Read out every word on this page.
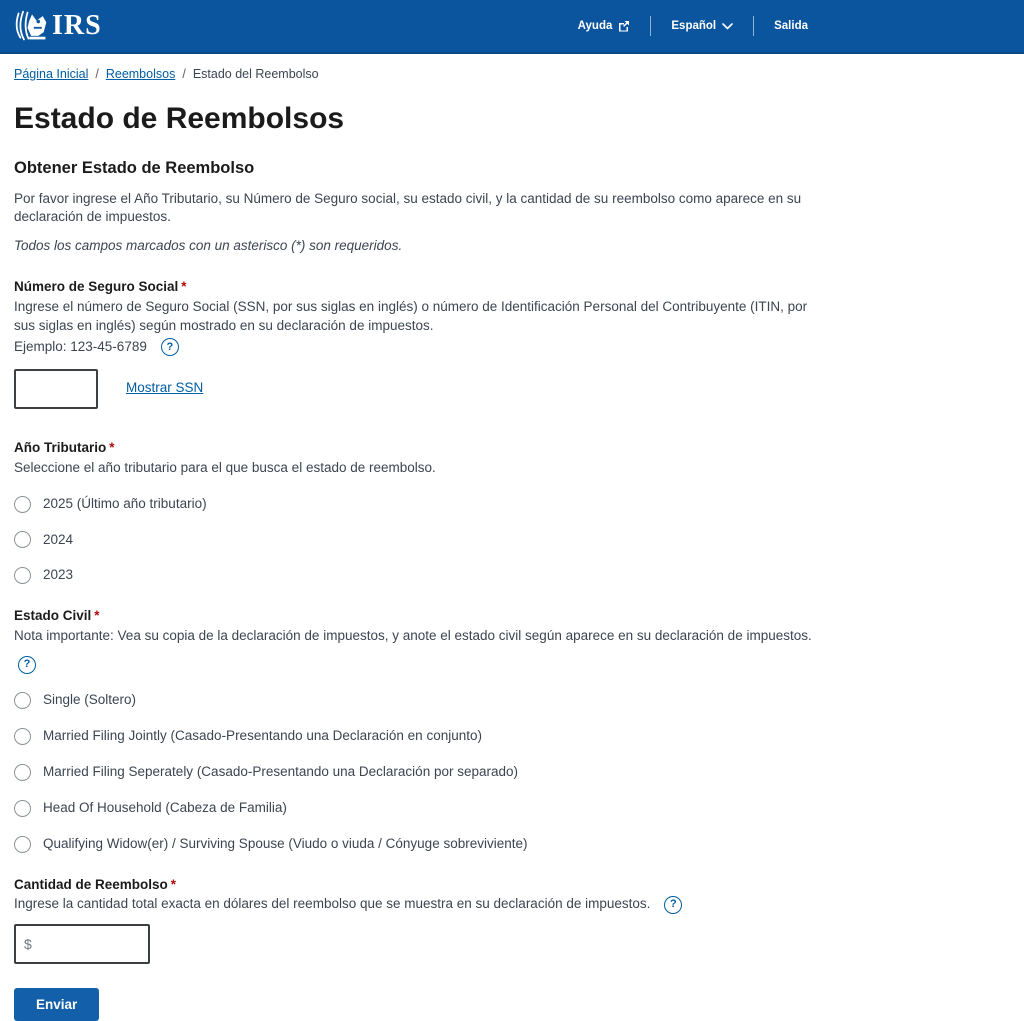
IRS	Ayuda	Español	Salida
Página Inicial / Reembolsos / Estado del Reembolso
Estado de Reembolsos
Obtener Estado de Reembolso

Por favor ingrese el Año Tributario, su Número de Seguro social, su estado civil, y la cantidad de su reembolso como aparece en su declaración de impuestos.

Todos los campos marcados con un asterisco (*) son requeridos.

Número de Seguro Social *

Ingrese el número de Seguro Social (SSN, por sus siglas en inglés) o número de Identificación Personal del Contribuyente (ITIN, por sus siglas en inglés) según mostrado en su declaración de impuestos.

Ejemplo: 123-45-6789	?
Mostrar SSN
Año Tributario *

Seleccione el año tributario para el que busca el estado de reembolso.

2025 (Último año tributario)
2024
2023
Estado Civil *

Nota importante: Vea su copia de la declaración de impuestos, y anote el estado civil según aparece en su declaración de impuestos.
?

Single (Soltero)
Married Filing Jointly (Casado-Presentando una Declaración en conjunto)
Married Filing Seperately (Casado-Presentando una Declaración por separado)
Head Of Household (Cabeza de Familia)
Qualifying Widow(er) / Surviving Spouse (Viudo o viuda / Cónyuge sobreviviente)
Cantidad de Reembolso *

Ingrese la cantidad total exacta en dólares del reembolso que se muestra en su declaración de impuestos.	?

$
Enviar
